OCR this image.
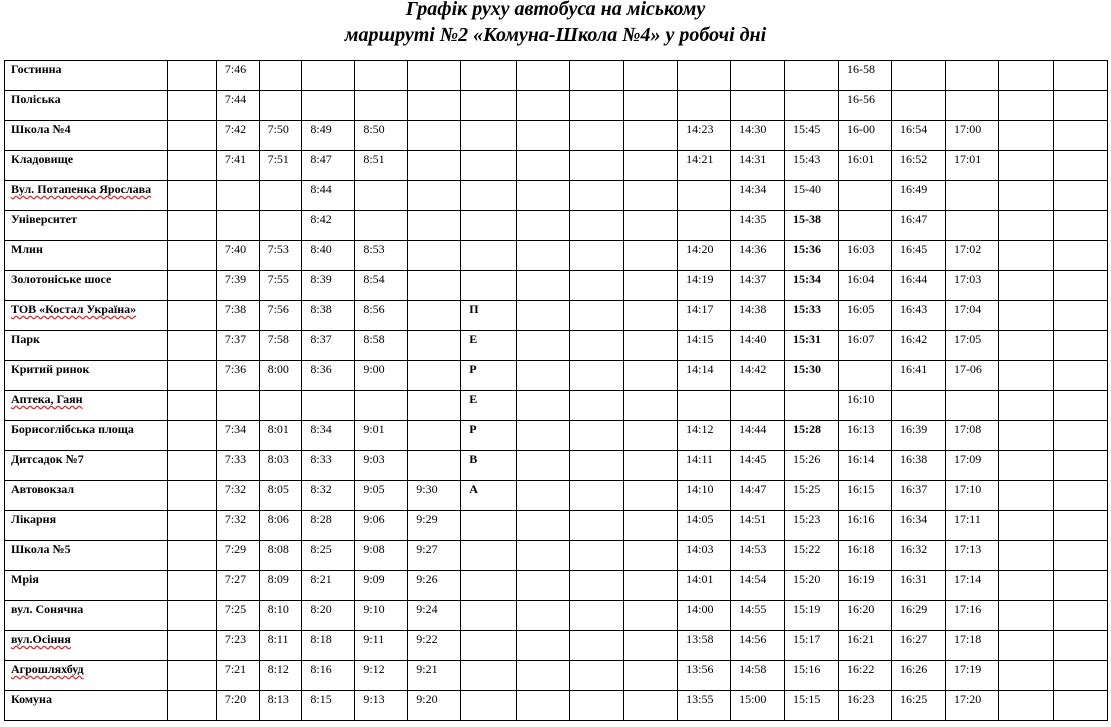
Графік руху автобуса на міському
маршруті №2 «Комуна-Школа №4» у робочі дні
Гостинна		7:46												16-58				
Поліська		7:44												16-56				
Школа №4		7:42	7:50	8:49	8:50						14:23	14:30	15:45	16-00	16:54	17:00		
Кладовище		7:41	7:51	8:47	8:51						14:21	14:31	15:43	16:01	16:52	17:01		
Вул. Потапенка Ярослава				8:44								14:34	15-40		16:49			
Університет				8:42								14:35	15-38		16:47			
Млин		7:40	7:53	8:40	8:53						14:20	14:36	15:36	16:03	16:45	17:02		
Золотоніське шосе		7:39	7:55	8:39	8:54						14:19	14:37	15:34	16:04	16:44	17:03		
ТОВ «Костал Україна»		7:38	7:56	8:38	8:56		П				14:17	14:38	15:33	16:05	16:43	17:04		
Парк		7:37	7:58	8:37	8:58		Е				14:15	14:40	15:31	16:07	16:42	17:05		
Критий ринок		7:36	8:00	8:36	9:00		Р				14:14	14:42	15:30		16:41	17-06		
Аптека, Гаян							Е							16:10				
Борисоглібська площа		7:34	8:01	8:34	9:01		Р				14:12	14:44	15:28	16:13	16:39	17:08		
Дитсадок №7		7:33	8:03	8:33	9:03		В				14:11	14:45	15:26	16:14	16:38	17:09		
Автовокзал		7:32	8:05	8:32	9:05	9:30	А				14:10	14:47	15:25	16:15	16:37	17:10		
Лікарня		7:32	8:06	8:28	9:06	9:29					14:05	14:51	15:23	16:16	16:34	17:11		
Школа №5		7:29	8:08	8:25	9:08	9:27					14:03	14:53	15:22	16:18	16:32	17:13		
Мрія		7:27	8:09	8:21	9:09	9:26					14:01	14:54	15:20	16:19	16:31	17:14		
вул. Сонячна		7:25	8:10	8:20	9:10	9:24					14:00	14:55	15:19	16:20	16:29	17:16		
вул.Осіння		7:23	8:11	8:18	9:11	9:22					13:58	14:56	15:17	16:21	16:27	17:18		
Агрошляхбуд		7:21	8:12	8:16	9:12	9:21					13:56	14:58	15:16	16:22	16:26	17:19		
Комуна		7:20	8:13	8:15	9:13	9:20					13:55	15:00	15:15	16:23	16:25	17:20		
